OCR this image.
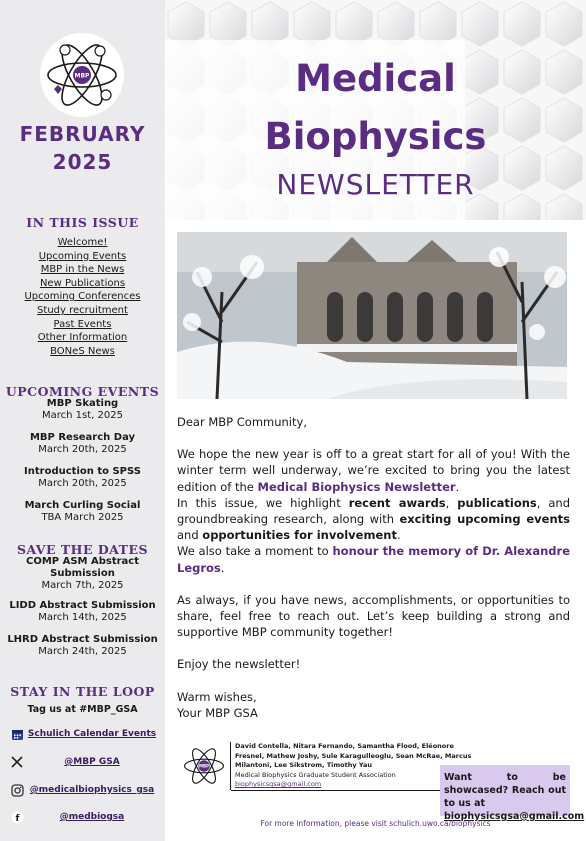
MBP
FEBRUARY
2025
IN THIS ISSUE
Welcome!
Upcoming Events
MBP in the News
New Publications
Upcoming Conferences
Study recruitment
Past Events
Other Information
BONeS News
UPCOMING EVENTS
MBP Skating
March 1st, 2025
MBP Research Day
March 20th, 2025
Introduction to SPSS
March 20th, 2025
March Curling Social
TBA March 2025
SAVE THE DATES
COMP ASM Abstract
Submission
March 7th, 2025
LIDD Abstract Submission
March 14th, 2025
LHRD Abstract Submission
March 24th, 2025
STAY IN THE LOOP
Tag us at #MBP_GSA
Schulich Calendar Events
@MBP GSA
@medicalbiophysics_gsa
f	@medbiogsa
Medical
Biophysics
NEWSLETTER

Dear MBP Community,

We hope the new year is off to a great start for all of you! With the winter term well underway, we’re excited to bring you the latest edition of the Medical Biophysics Newsletter.

In this issue, we highlight recent awards, publications, and groundbreaking research, along with exciting upcoming events and opportunities for involvement.

We also take a moment to honour the memory of Dr. Alexandre Legros.

As always, if you have news, accomplishments, or opportunities to share, feel free to reach out. Let’s keep building a strong and supportive MBP community together!

Enjoy the newsletter!

Warm wishes,

Your MBP GSA

MBP
David Contella, Nitara Fernando, Samantha Flood, Eléonore Fresnel, Mathew Joshy, Sule Karagulleoglu, Sean McRae, Marcus Milantoni, Lee Sikstrom, Timothy Yau
Medical Biophysics Graduate Student Association
biophysicsgsa@gmail.com
Want to be showcased? Reach out to us at
biophysicsgsa@gmail.com
For more information, please visit schulich.uwo.ca/biophysics
